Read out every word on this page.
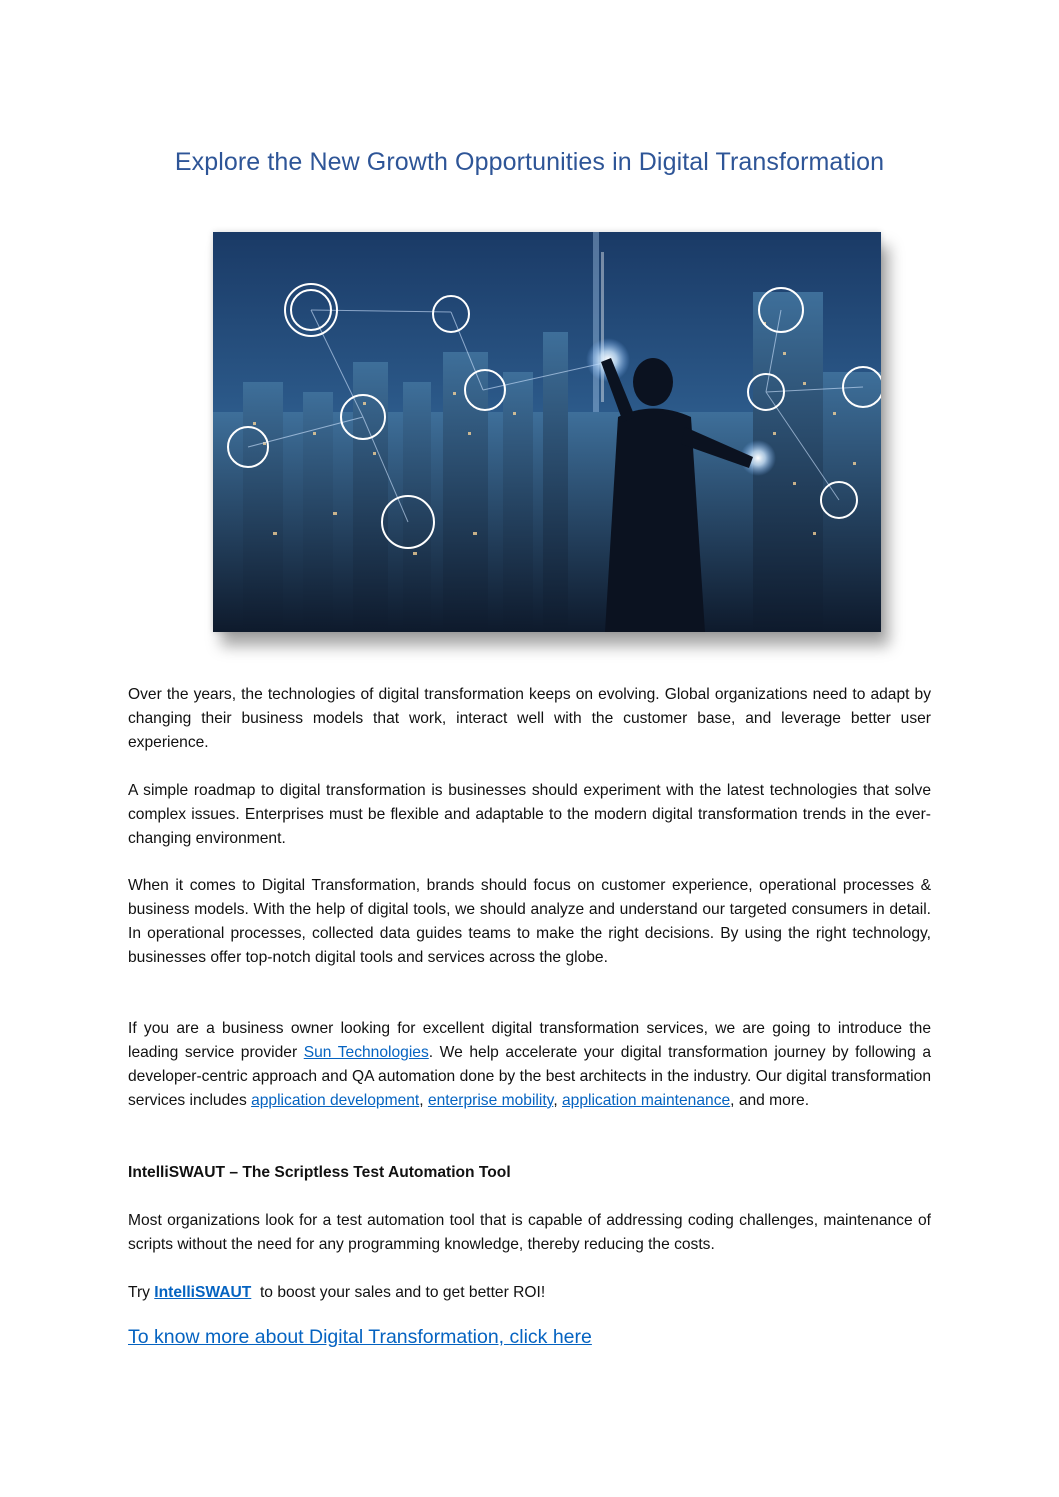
Explore the New Growth Opportunities in Digital Transformation

Over the years, the technologies of digital transformation keeps on evolving. Global organizations need to adapt by changing their business models that work, interact well with the customer base, and leverage better user experience.

A simple roadmap to digital transformation is businesses should experiment with the latest technologies that solve complex issues. Enterprises must be flexible and adaptable to the modern digital transformation trends in the ever-changing environment.

When it comes to Digital Transformation, brands should focus on customer experience, operational processes & business models. With the help of digital tools, we should analyze and understand our targeted consumers in detail. In operational processes, collected data guides teams to make the right decisions. By using the right technology, businesses offer top-notch digital tools and services across the globe.

If you are a business owner looking for excellent digital transformation services, we are going to introduce the leading service provider Sun Technologies. We help accelerate your digital transformation journey by following a developer-centric approach and QA automation done by the best architects in the industry. Our digital transformation services includes application development, enterprise mobility, application maintenance, and more.

IntelliSWAUT – The Scriptless Test Automation Tool

Most organizations look for a test automation tool that is capable of addressing coding challenges, maintenance of scripts without the need for any programming knowledge, thereby reducing the costs.

Try IntelliSWAUT  to boost your sales and to get better ROI!

To know more about Digital Transformation, click here
